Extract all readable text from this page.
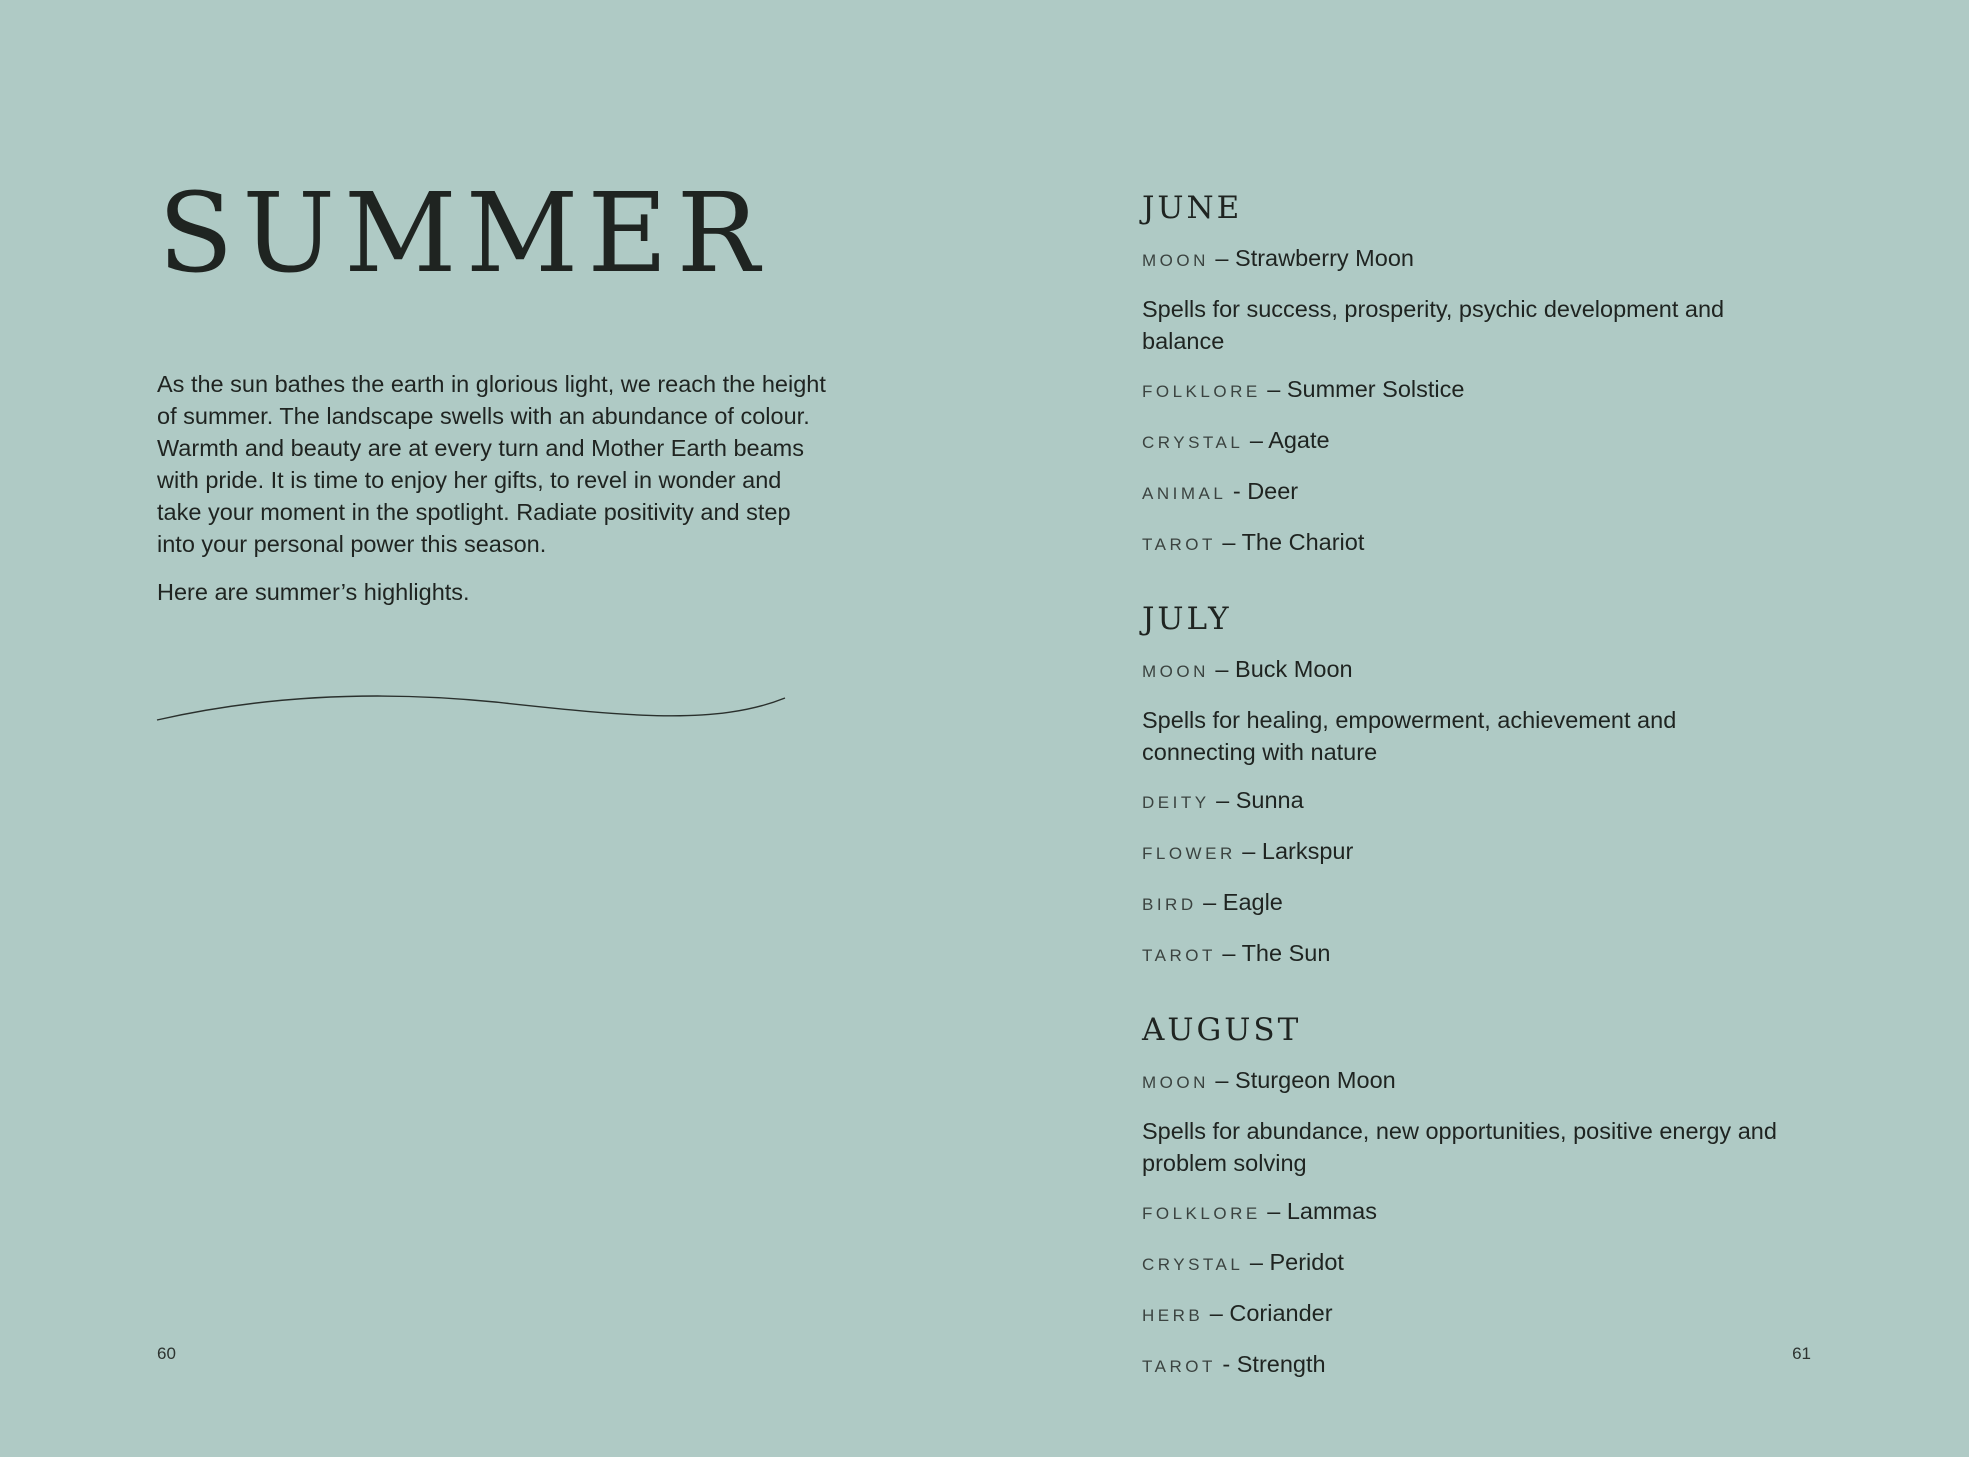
SUMMER

As the sun bathes the earth in glorious light, we reach the height of summer. The landscape swells with an abundance of colour. Warmth and beauty are at every turn and Mother Earth beams with pride. It is time to enjoy her gifts, to revel in wonder and take your moment in the spotlight. Radiate positivity and step into your personal power this season.

Here are summer’s highlights.

60
JUNE

MOON – Strawberry Moon

Spells for success, prosperity, psychic development and balance

FOLKLORE – Summer Solstice

CRYSTAL – Agate

ANIMAL - Deer

TAROT – The Chariot

JULY

MOON – Buck Moon

Spells for healing, empowerment, achievement and connecting with nature

DEITY – Sunna

FLOWER – Larkspur

BIRD – Eagle

TAROT – The Sun

AUGUST

MOON – Sturgeon Moon

Spells for abundance, new opportunities, positive energy and problem solving

FOLKLORE – Lammas

CRYSTAL – Peridot

HERB – Coriander

TAROT - Strength	61
